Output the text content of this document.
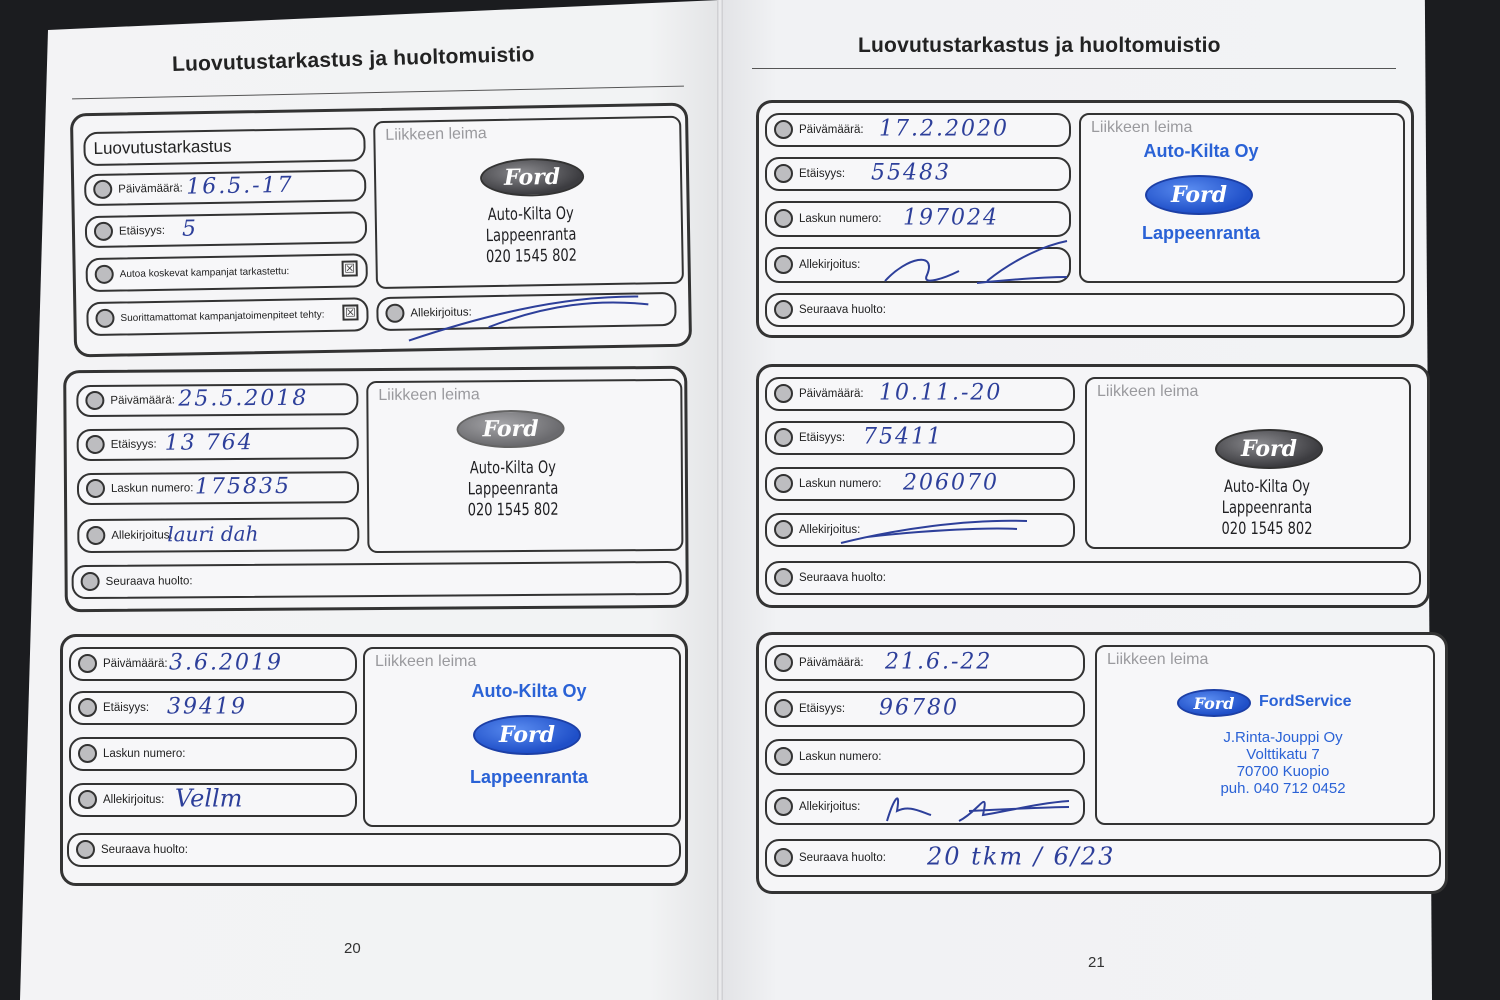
Luovutustarkastus ja huoltomuistio
Luovutustarkastus
Päivämäärä: 16.5.-17
Etäisyys: 5
Autoa koskevat kampanjat tarkastettu:	☒
Suorittamattomat kampanjatoimenpiteet tehty: ☒
Liikkeen leima
Ford
Auto-Kilta Oy
Lappeenranta
020 1545 802
Allekirjoitus:
Päivämäärä: 25.5.2018
Etäisyys: 13 764
Laskun numero: 175835
Allekirjoitus:
lauri dah
Liikkeen leima
Ford
Auto-Kilta Oy
Lappeenranta
020 1545 802
Seuraava huolto:
Päivämäärä: 3.6.2019
Etäisyys: 39419
Laskun numero:
Allekirjoitus: Vellm
Liikkeen leima
Auto-Kilta Oy
Ford
Lappeenranta
Seuraava huolto:
20
Luovutustarkastus ja huoltomuistio
Päivämäärä: 17.2.2020
Etäisyys: 55483
Laskun numero: 197024
Allekirjoitus:
Liikkeen leima
Auto-Kilta Oy
Ford
Lappeenranta
Seuraava huolto:
Päivämäärä: 10.11.-20
Etäisyys: 75411
Laskun numero: 206070
Allekirjoitus:
Liikkeen leima
Ford
Auto-Kilta Oy
Lappeenranta
020 1545 802
Seuraava huolto:
Päivämäärä: 21.6.-22
Etäisyys: 96780
Laskun numero:
Allekirjoitus:
Liikkeen leima
Ford	FordService
J.Rinta-Jouppi Oy
Volttikatu 7
70700 Kuopio
puh. 040 712 0452
Seuraava huolto: 20 tkm / 6/23
21
